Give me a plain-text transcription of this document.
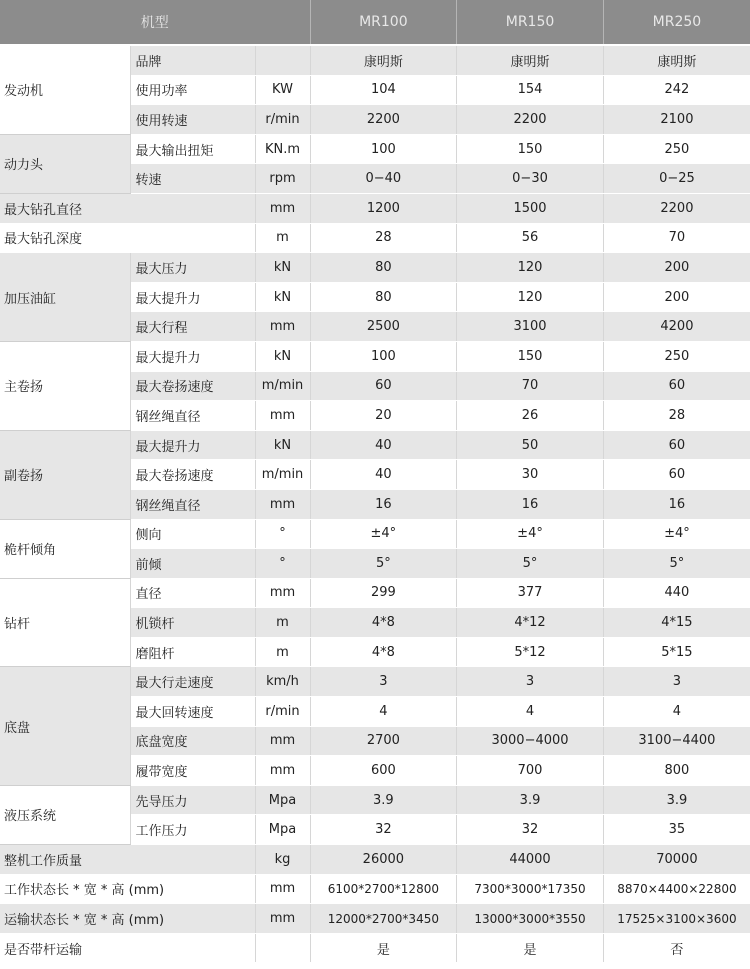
机型			MR100	MR150	MR250
发动机	品牌		康明斯	康明斯	康明斯
	使用功率	KW	104	154	242
	使用转速	r/min	2200	2200	2100
动力头	最大输出扭矩	KN.m	100	150	250
	转速	rpm	0−40	0−30	0−25
最大钻孔直径		mm	1200	1500	2200
最大钻孔深度		m	28	56	70
加压油缸	最大压力	kN	80	120	200
	最大提升力	kN	80	120	200
	最大行程	mm	2500	3100	4200
主卷扬	最大提升力	kN	100	150	250
	最大卷扬速度	m/min	60	70	60
	钢丝绳直径	mm	20	26	28
副卷扬	最大提升力	kN	40	50	60
	最大卷扬速度	m/min	40	30	60
	钢丝绳直径	mm	16	16	16
桅杆倾角	侧向	°	±4°	±4°	±4°
	前倾	°	5°	5°	5°
钻杆	直径	mm	299	377	440
	机锁杆	m	4*8	4*12	4*15
	磨阻杆	m	4*8	5*12	5*15
底盘	最大行走速度	km/h	3	3	3
	最大回转速度	r/min	4	4	4
	底盘宽度	mm	2700	3000−4000	3100−4400
	履带宽度	mm	600	700	800
液压系统	先导压力	Mpa	3.9	3.9	3.9
	工作压力	Mpa	32	32	35
整机工作质量		kg	26000	44000	70000
工作状态长 * 宽 * 高 (mm)		mm	6100*2700*12800	7300*3000*17350	8870×4400×22800
运输状态长 * 宽 * 高 (mm)		mm	12000*2700*3450	13000*3000*3550	17525×3100×3600
是否带杆运输			是	是	否
